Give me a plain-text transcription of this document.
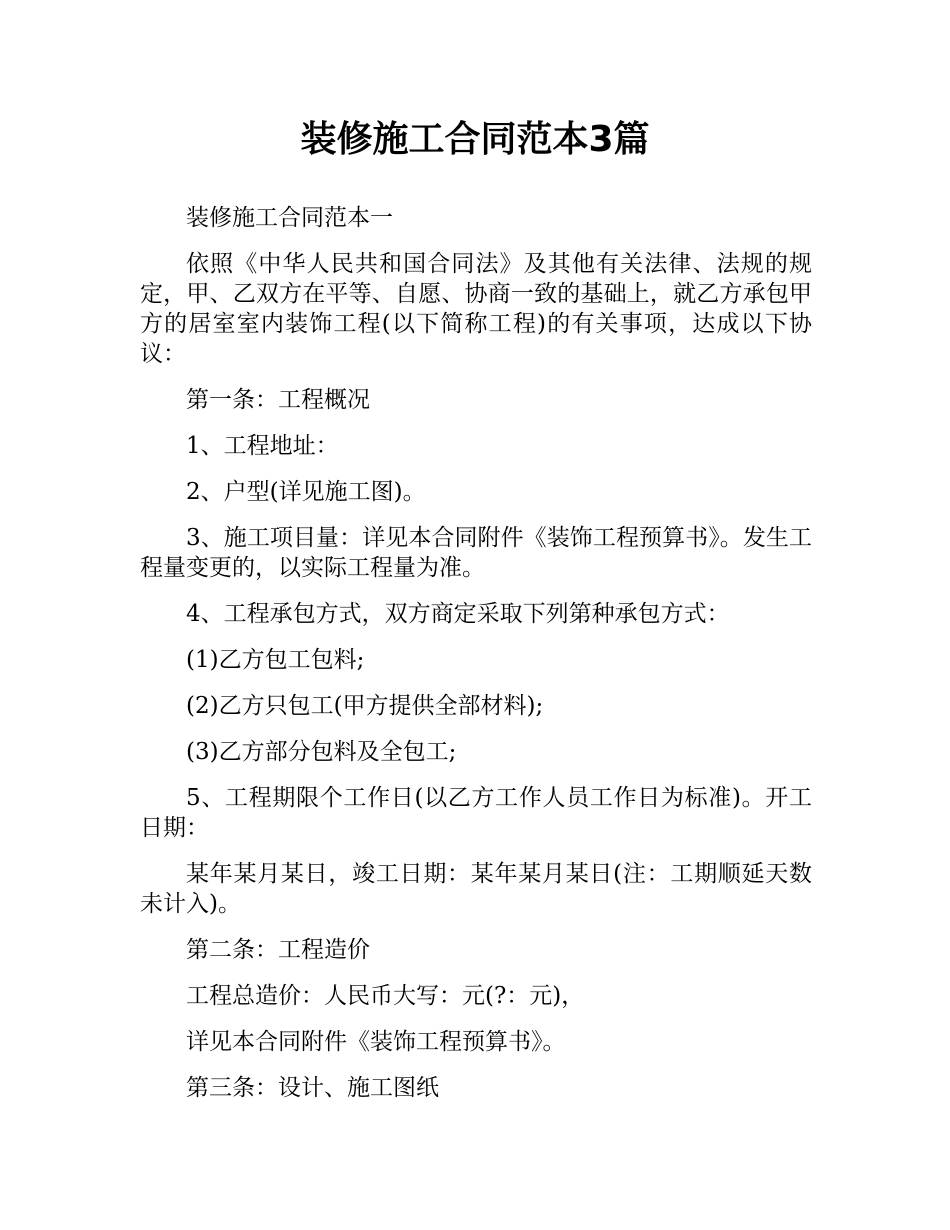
装修施工合同范本3篇

装修施工合同范本一

依照《中华人民共和国合同法》及其他有关法律、法规的规定，甲、乙双方在平等、自愿、协商一致的基础上，就乙方承包甲方的居室室内装饰工程(以下简称工程)的有关事项，达成以下协议：

第一条：工程概况

1、工程地址：

2、户型(详见施工图)。

3、施工项目量：详见本合同附件《装饰工程预算书》。发生工程量变更的，以实际工程量为准。

4、工程承包方式，双方商定采取下列第种承包方式：

(1)乙方包工包料;

(2)乙方只包工(甲方提供全部材料);

(3)乙方部分包料及全包工;

5、工程期限个工作日(以乙方工作人员工作日为标准)。开工日期：

某年某月某日，竣工日期：某年某月某日(注：工期顺延天数未计入)。

第二条：工程造价

工程总造价：人民币大写：元(?：元)，

详见本合同附件《装饰工程预算书》。

第三条：设计、施工图纸
